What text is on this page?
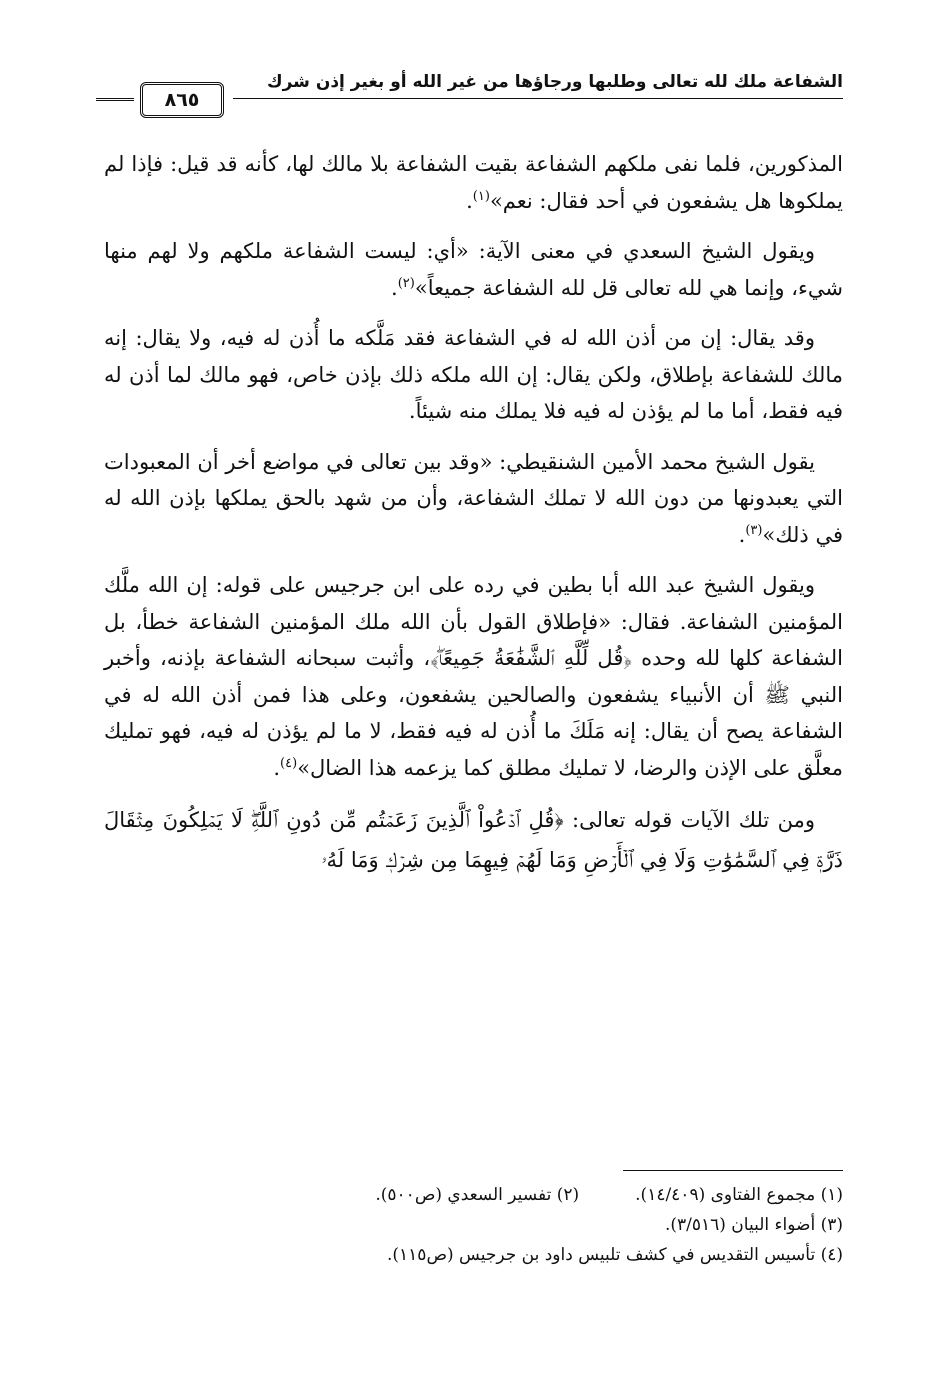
الشفاعة ملك لله تعالى وطلبها ورجاؤها من غير الله أو بغير إذن شرك
٨٦٥

المذكورين، فلما نفى ملكهم الشفاعة بقيت الشفاعة بلا مالك لها، كأنه قد قيل: فإذا لم يملكوها هل يشفعون في أحد فقال: نعم»$^{(١)}$.

ويقول الشيخ السعدي في معنى الآية: «أي: ليست الشفاعة ملكهم ولا لهم منها شيء، وإنما هي لله تعالى قل لله الشفاعة جميعاً»$^{(٢)}$.

وقد يقال: إن من أذن الله له في الشفاعة فقد مَلَّكه ما أُذن له فيه، ولا يقال: إنه مالك للشفاعة بإطلاق، ولكن يقال: إن الله ملكه ذلك بإذن خاص، فهو مالك لما أذن له فيه فقط، أما ما لم يؤذن له فيه فلا يملك منه شيئاً.

يقول الشيخ محمد الأمين الشنقيطي: «وقد بين تعالى في مواضع أخر أن المعبودات التي يعبدونها من دون الله لا تملك الشفاعة، وأن من شهد بالحق يملكها بإذن الله له في ذلك»$^{(٣)}$.

ويقول الشيخ عبد الله أبا بطين في رده على ابن جرجيس على قوله: إن الله ملَّك المؤمنين الشفاعة. فقال: «فإطلاق القول بأن الله ملك المؤمنين الشفاعة خطأ، بل الشفاعة كلها لله وحده ﴿قُل لِّلَّهِ ٱلشَّفَٰعَةُ جَمِيعًاۖ﴾، وأثبت سبحانه الشفاعة بإذنه، وأخبر النبي ﷺ أن الأنبياء يشفعون والصالحين يشفعون، وعلى هذا فمن أذن الله له في الشفاعة يصح أن يقال: إنه مَلَكَ ما أُذن له فيه فقط، لا ما لم يؤذن له فيه، فهو تمليك معلَّق على الإذن والرضا، لا تمليك مطلق كما يزعمه هذا الضال»$^{(٤)}$.

ومن تلك الآيات قوله تعالى: ﴿قُلِ ٱدۡعُواْ ٱلَّذِينَ زَعَمۡتُم مِّن دُونِ ٱللَّهِۖ لَا يَمۡلِكُونَ مِثۡقَالَ ذَرَّةٖ فِي ٱلسَّمَٰوَٰتِ وَلَا فِي ٱلۡأَرۡضِ وَمَا لَهُمۡ فِيهِمَا مِن شِرۡكٖ وَمَا لَهُۥ

(١) مجموع الفتاوى (١٤/٤٠٩).
(٢) تفسير السعدي (ص٥٠٠).
(٣) أضواء البيان (٣/٥١٦).
(٤) تأسيس التقديس في كشف تلبيس داود بن جرجيس (ص١١٥).
